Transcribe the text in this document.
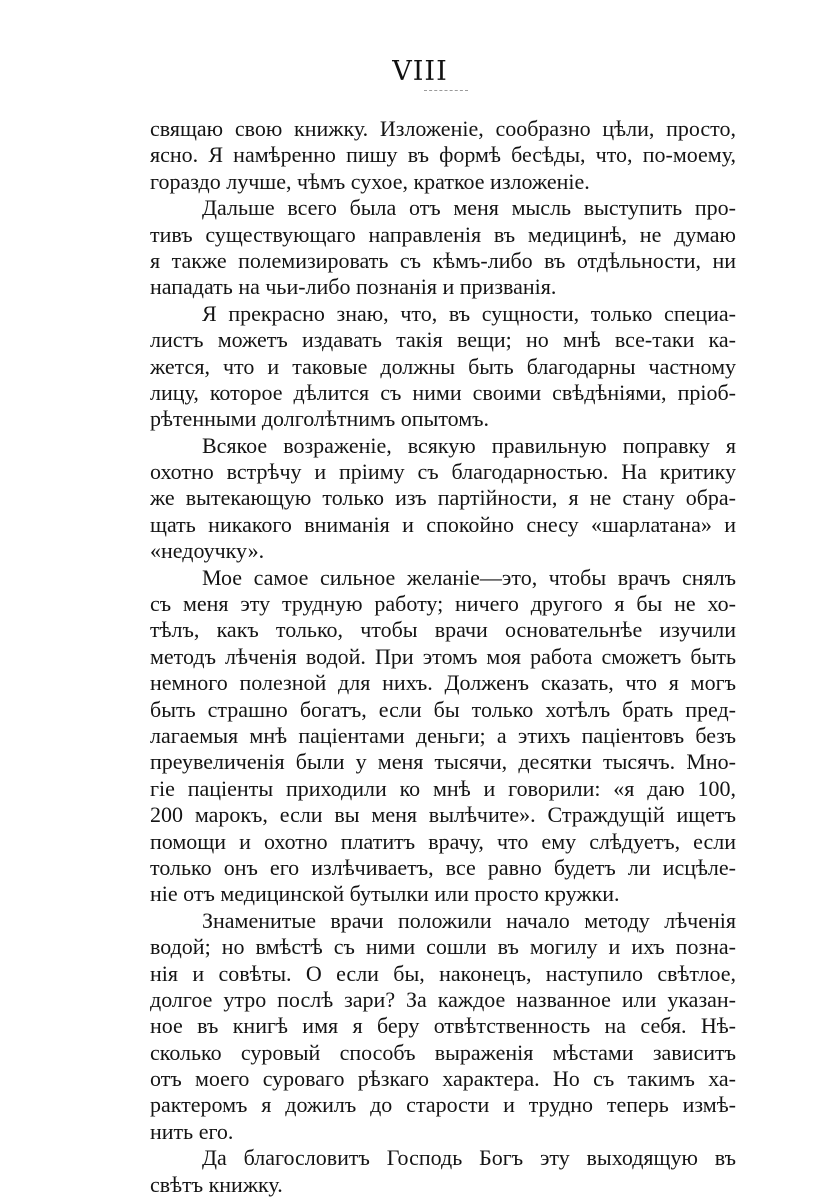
VIII
свящаю свою книжку. Изложеніе, сообразно цѣли, просто,
ясно. Я намѣренно пишу въ формѣ бесѣды, что, по-моему,
гораздо лучше, чѣмъ сухое, краткое изложеніе.
Дальше всего была отъ меня мысль выступить про-
тивъ существующаго направленія въ медицинѣ, не думаю
я также полемизировать съ кѣмъ-либо въ отдѣльности, ни
нападать на чьи-либо познанія и призванія.
Я прекрасно знаю, что, въ сущности, только специа-
листъ можетъ издавать такія вещи; но мнѣ все-таки ка-
жется, что и таковые должны быть благодарны частному
лицу, которое дѣлится съ ними своими свѣдѣніями, пріоб-
рѣтенными долголѣтнимъ опытомъ.
Всякое возраженіе, всякую правильную поправку я
охотно встрѣчу и пріиму съ благодарностью. На критику
же вытекающую только изъ партійности, я не стану обра-
щать никакого вниманія и спокойно снесу «шарлатана» и
«недоучку».
Мое самое сильное желаніе—это, чтобы врачъ снялъ
съ меня эту трудную работу; ничего другого я бы не хо-
тѣлъ, какъ только, чтобы врачи основательнѣе изучили
методъ лѣченія водой. При этомъ моя работа сможетъ быть
немного полезной для нихъ. Долженъ сказать, что я могъ
быть страшно богатъ, если бы только хотѣлъ брать пред-
лагаемыя мнѣ паціентами деньги; а этихъ паціентовъ безъ
преувеличенія были у меня тысячи, десятки тысячъ. Мно-
гіе паціенты приходили ко мнѣ и говорили: «я даю 100,
200 марокъ, если вы меня вылѣчите». Страждущій ищетъ
помощи и охотно платитъ врачу, что ему слѣдуетъ, если
только онъ его излѣчиваетъ, все равно будетъ ли исцѣле-
ніе отъ медицинской бутылки или просто кружки.
Знаменитые врачи положили начало методу лѣченія
водой; но вмѣстѣ съ ними сошли въ могилу и ихъ позна-
нія и совѣты. О если бы, наконецъ, наступило свѣтлое,
долгое утро послѣ зари? За каждое названное или указан-
ное въ книгѣ имя я беру отвѣтственность на себя. Нѣ-
сколько суровый способъ выраженія мѣстами зависитъ
отъ моего суроваго рѣзкаго характера. Но съ такимъ ха-
рактеромъ я дожилъ до старости и трудно теперь измѣ-
нить его.
Да благословитъ Господь Богъ эту выходящую въ
свѣтъ книжку.
